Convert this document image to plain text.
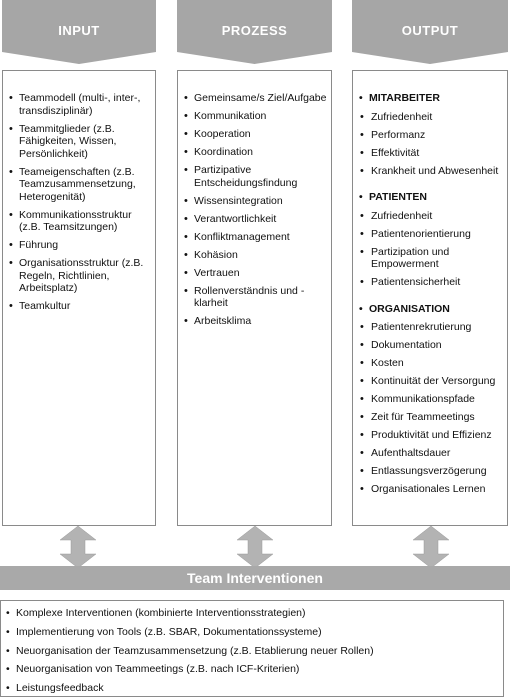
INPUT	PROZESS	OUTPUT
• Teammodell (multi-, inter-, transdisziplinär)
• Teammitglieder (z.B. Fähigkeiten, Wissen, Persönlichkeit)
• Teameigenschaften (z.B. Teamzusammensetzung, Heterogenität)
• Kommunikationsstruktur (z.B. Teamsitzungen)
• Führung
• Organisationsstruktur (z.B. Regeln, Richtlinien, Arbeitsplatz)
• Teamkultur
• Gemeinsame/s Ziel/Aufgabe
• Kommunikation
• Kooperation
• Koordination
• Partizipative Entscheidungsfindung
• Wissensintegration
• Verantwortlichkeit
• Konfliktmanagement
• Kohäsion
• Vertrauen
• Rollenverständnis und -klarheit
• Arbeitsklima
• MITARBEITER
• Zufriedenheit
• Performanz
• Effektivität
• Krankheit und Abwesenheit
• PATIENTEN
• Zufriedenheit
• Patientenorientierung
• Partizipation und Empowerment
• Patientensicherheit
• ORGANISATION
• Patientenrekrutierung
• Dokumentation
• Kosten
• Kontinuität der Versorgung
• Kommunikationspfade
• Zeit für Teammeetings
• Produktivität und Effizienz
• Aufenthaltsdauer
• Entlassungsverzögerung
• Organisationales Lernen
Team Interventionen
• Komplexe Interventionen (kombinierte Interventionsstrategien)
• Implementierung von Tools (z.B. SBAR, Dokumentationssysteme)
• Neuorganisation der Teamzusammensetzung (z.B. Etablierung neuer Rollen)
• Neuorganisation von Teammeetings (z.B. nach ICF-Kriterien)
• Leistungsfeedback
